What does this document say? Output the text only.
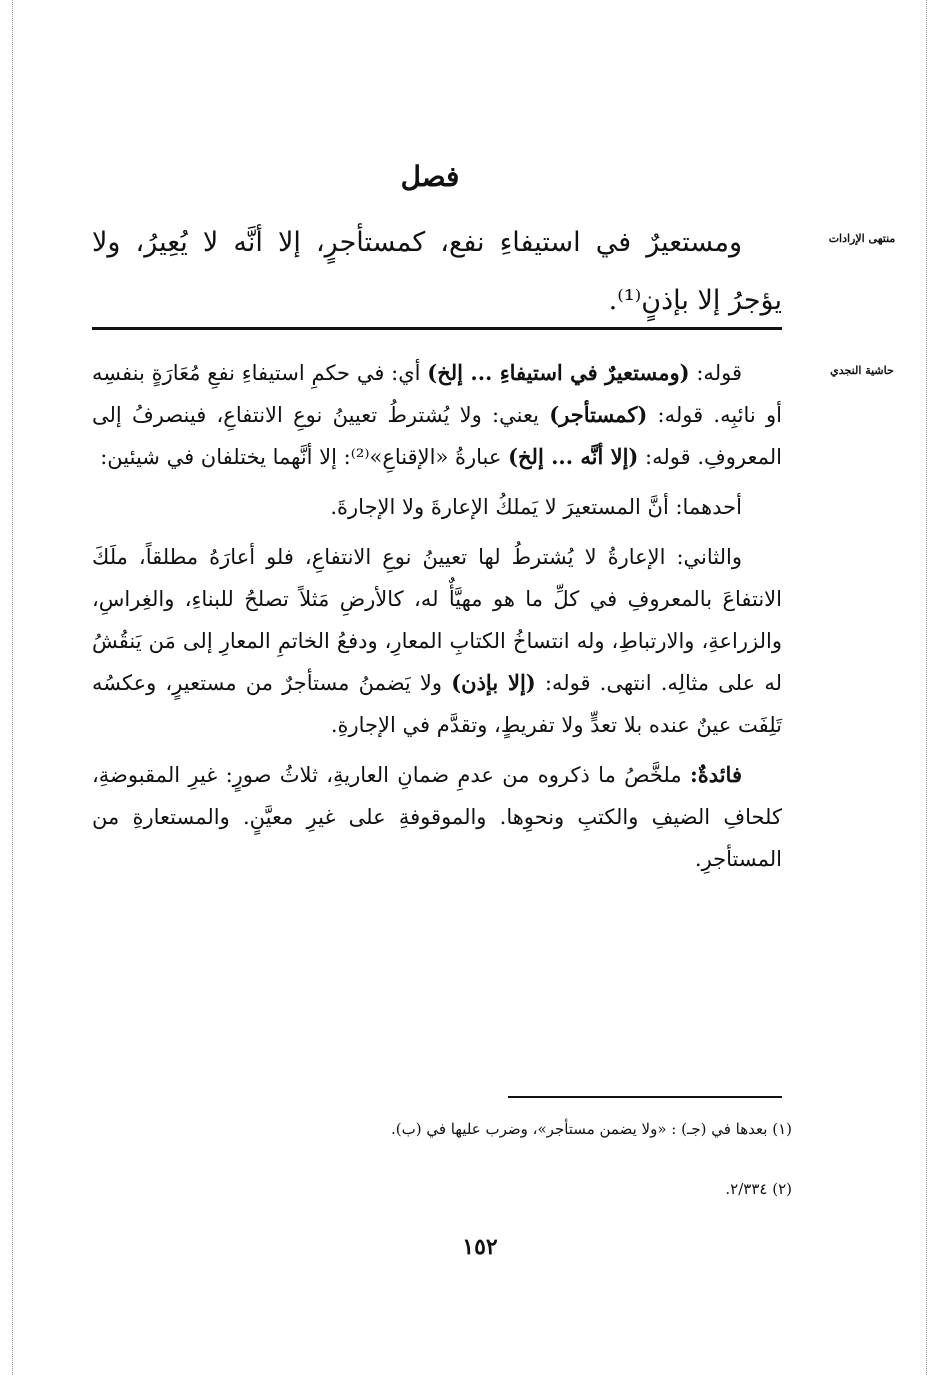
فصل
منتهى الإرادات

ومستعيرٌ في استيفاءِ نفع، كمستأجرٍ، إلا أنَّه لا يُعِيرُ، ولا يؤجرُ إلا بإذنٍ⁽¹⁾.

حاشية النجدي

قوله: (ومستعيرٌ في استيفاءِ ... إلخ) أي: في حكمِ استيفاءِ نفعِ مُعَارَةٍ بنفسِه أو نائبِه. قوله: (كمستأجر) يعني: ولا يُشترطُ تعيينُ نوعِ الانتفاعِ، فينصرفُ إلى المعروفِ. قوله: (إلا أنَّه ... إلخ) عبارةُ «الإقناعِ»⁽²⁾: إلا أنَّهما يختلفان في شيئين:

أحدهما: أنَّ المستعيرَ لا يَملكُ الإعارةَ ولا الإجارةَ.

والثاني: الإعارةُ لا يُشترطُ لها تعيينُ نوعِ الانتفاعِ، فلو أعارَهُ مطلقاً، ملَكَ الانتفاعَ بالمعروفِ في كلِّ ما هو مهيَّأٌ له، كالأرضِ مَثلاً تصلحُ للبناءِ، والغِراسِ، والزراعةِ، والارتباطِ، وله انتساخُ الكتابِ المعارِ، ودفعُ الخاتمِ المعارِ إلى مَن يَنقُشُ له على مثالِه. انتهى. قوله: (إلا بإذن) ولا يَضمنُ مستأجرٌ من مستعيرٍ، وعكسُه تَلِفَت عينٌ عنده بلا تعدٍّ ولا تفريطٍ، وتقدَّم في الإجارةِ.

فائدةٌ: ملخَّصُ ما ذكروه من عدمِ ضمانِ العاريةِ، ثلاثُ صورٍ: غيرِ المقبوضةِ، كلحافِ الضيفِ والكتبِ ونحوِها. والموقوفةِ على غيرِ معيَّنٍ. والمستعارةِ من المستأجرِ.

(١) بعدها في (جـ) : «ولا يضمن مستأجر»، وضرب عليها في (ب).

(٢) ٢/٣٣٤.

١٥٢
